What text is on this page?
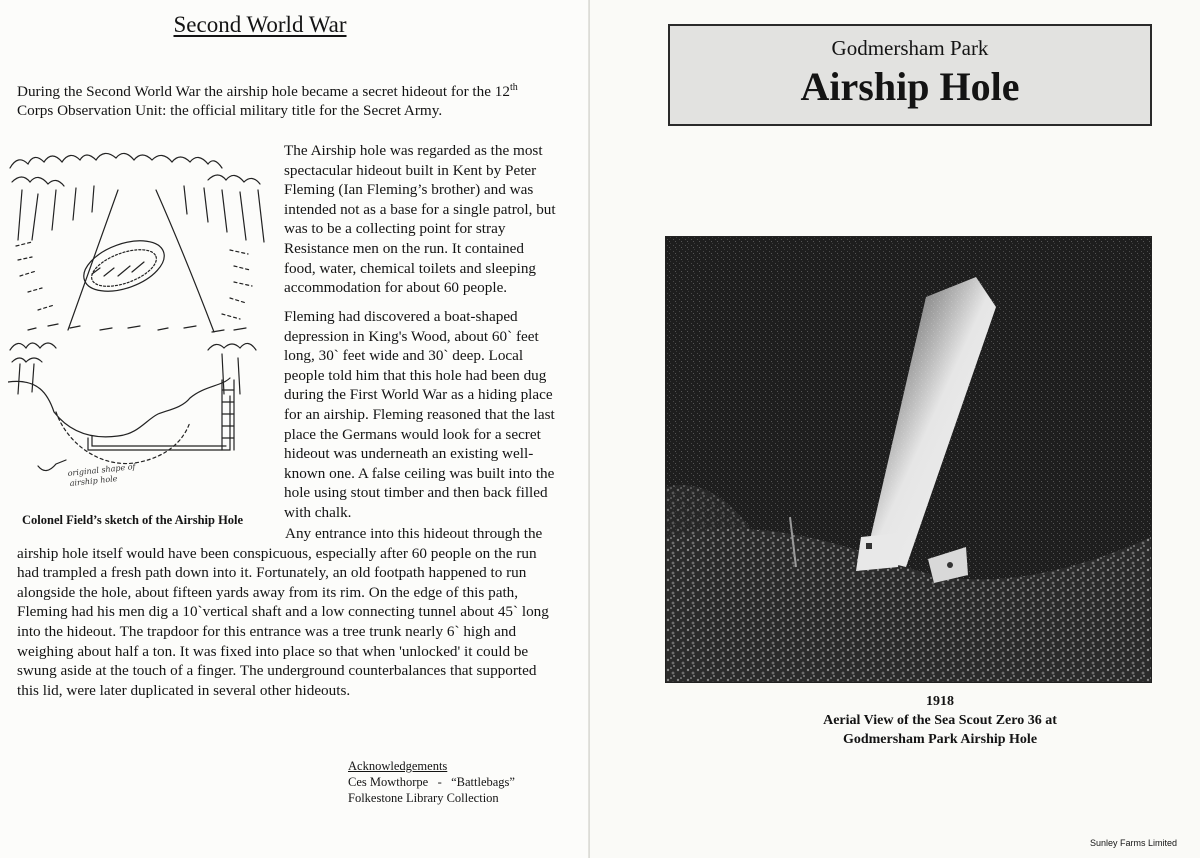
Second World War
During the Second World War the airship hole became a secret hideout for the 12th Corps Observation Unit: the official military title for the Secret Army.
original shape of
airship hole
The Airship hole was regarded as the most spectacular hideout built in Kent by Peter Fleming (Ian Fleming’s brother) and was intended not as a base for a single patrol, but was to be a collecting point for stray Resistance men on the run. It contained food, water, chemical toilets and sleeping accommodation for about 60 people.
Fleming had discovered a boat-shaped depression in King's Wood, about 60` feet long, 30` feet wide and 30` deep. Local people told him that this hole had been dug during the First World War as a hiding place for an airship. Fleming reasoned that the last place the Germans would look for a secret hideout was underneath an existing well-known one. A false ceiling was built into the hole using stout timber and then back filled with chalk.
Colonel Field’s sketch of the Airship Hole
Any entrance into this hideout through the airship hole itself would have been conspicuous, especially after 60 people on the run had trampled a fresh path down into it. Fortunately, an old footpath happened to run alongside the hole, about fifteen yards away from its rim. On the edge of this path, Fleming had his men dig a 10`vertical shaft and a low connecting tunnel about 45` long into the hideout. The trapdoor for this entrance was a tree trunk nearly 6` high and weighing about half a ton. It was fixed into place so that when 'unlocked' it could be swung aside at the touch of a finger. The underground counterbalances that supported this lid, were later duplicated in several other hideouts.
Acknowledgements
Ces Mowthorpe   -   “Battlebags”
Folkestone Library Collection
Godmersham Park
Airship Hole
1918
Aerial View of the Sea Scout Zero 36 at
Godmersham Park Airship Hole
Sunley Farms Limited
